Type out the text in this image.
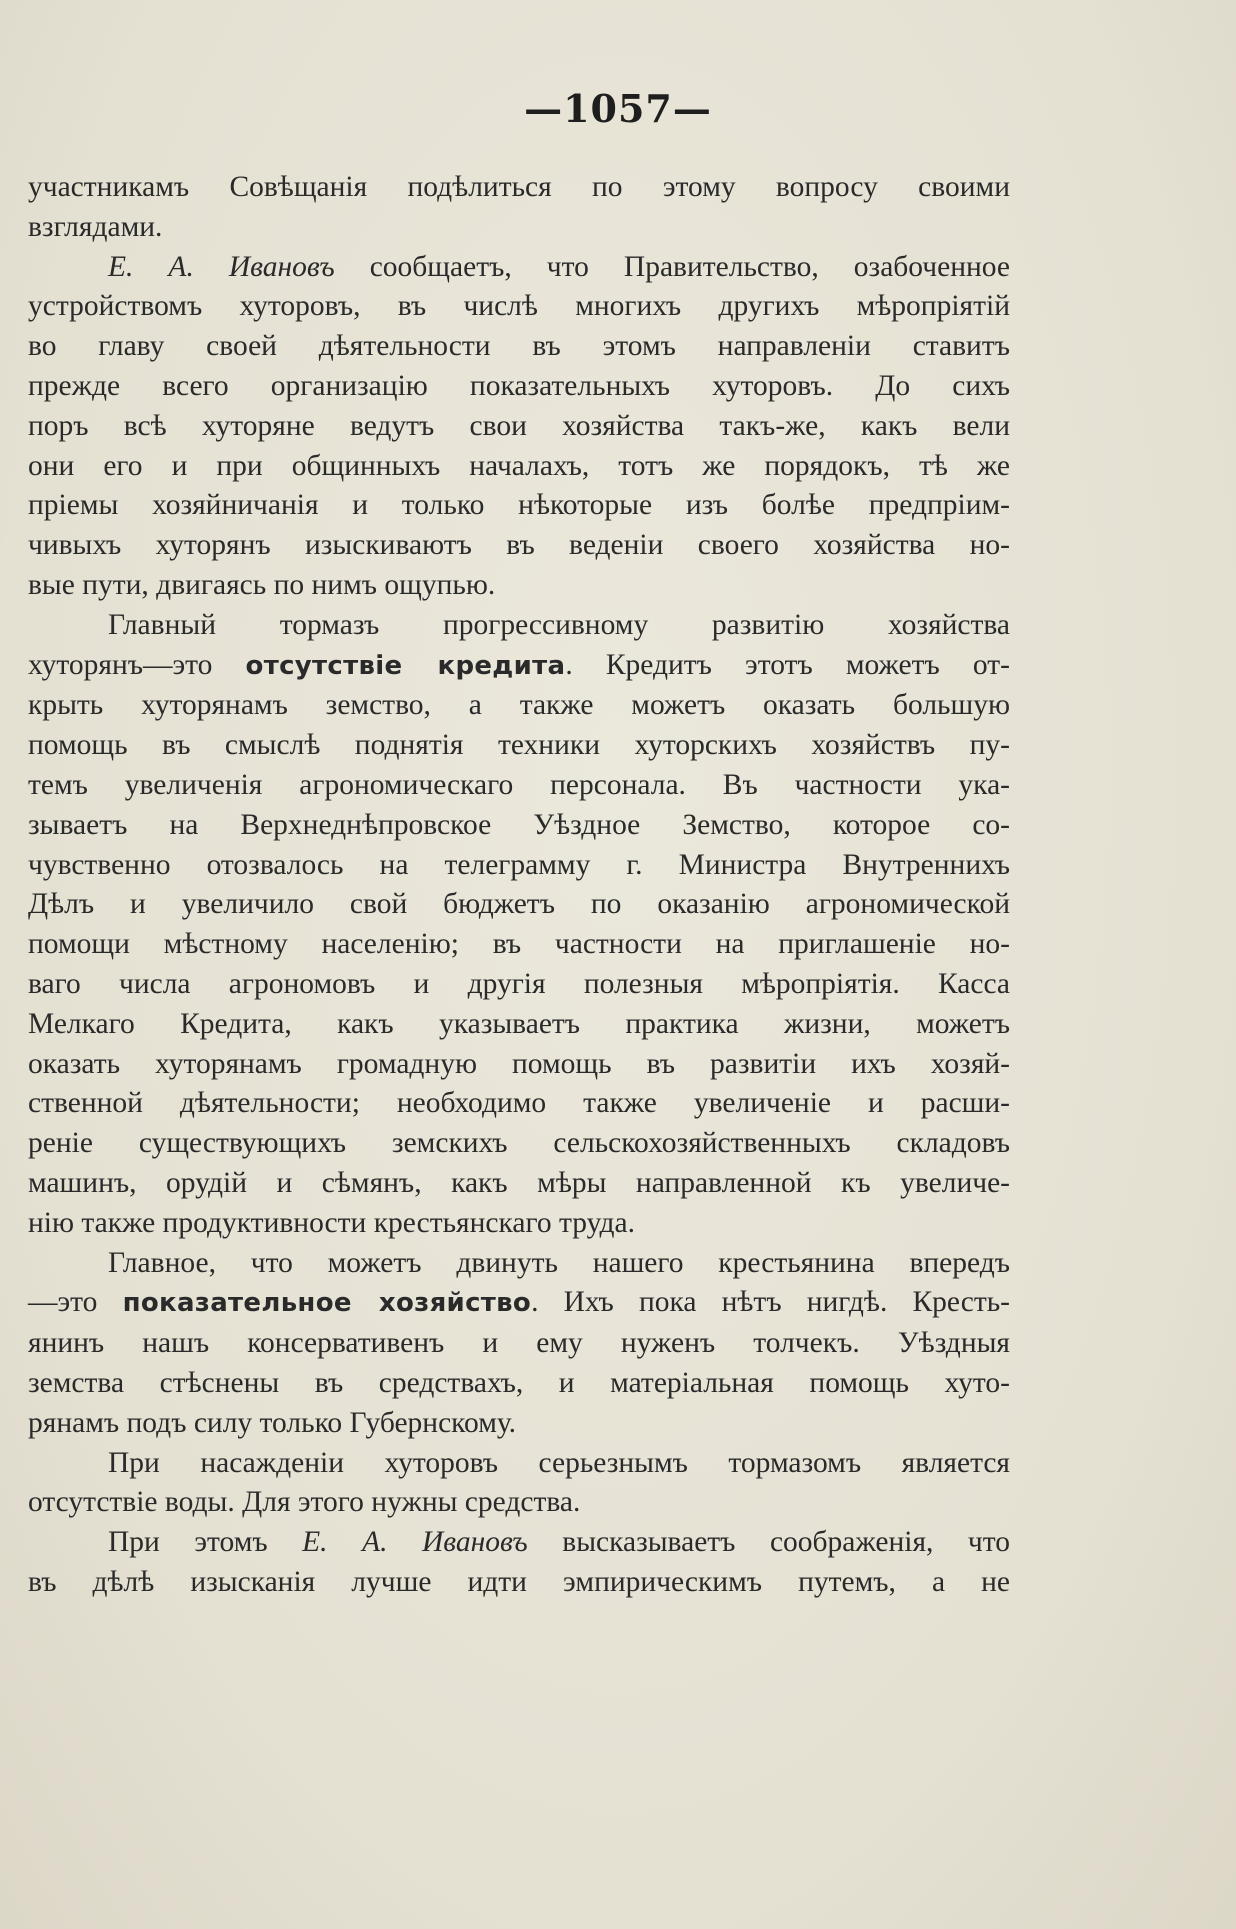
—1057—
участникамъ Совѣщанія подѣлиться по этому вопросу своими
взглядами.
Е. А. Ивановъ сообщаетъ, что Правительство, озабоченное
устройствомъ хуторовъ, въ числѣ многихъ другихъ мѣропріятій
во главу своей дѣятельности въ этомъ направленіи ставитъ
прежде всего организацію показательныхъ хуторовъ. До сихъ
поръ всѣ хуторяне ведутъ свои хозяйства такъ-же, какъ вели
они его и при общинныхъ началахъ, тотъ же порядокъ, тѣ же
пріемы хозяйничанія и только нѣкоторые изъ болѣе предпріим-
чивыхъ хуторянъ изыскиваютъ въ веденіи своего хозяйства но-
вые пути, двигаясь по нимъ ощупью.
Главный тормазъ прогрессивному развитію хозяйства
хуторянъ—это отсутствіе кредита. Кредитъ этотъ можетъ от-
крыть хуторянамъ земство, а также можетъ оказать большую
помощь въ смыслѣ поднятія техники хуторскихъ хозяйствъ пу-
темъ увеличенія агрономическаго персонала. Въ частности ука-
зываетъ на Верхнеднѣпровское Уѣздное Земство, которое со-
чувственно отозвалось на телеграмму г. Министра Внутреннихъ
Дѣлъ и увеличило свой бюджетъ по оказанію агрономической
помощи мѣстному населенію; въ частности на приглашеніе но-
ваго числа агрономовъ и другія полезныя мѣропріятія. Касса
Мелкаго Кредита, какъ указываетъ практика жизни, можетъ
оказать хуторянамъ громадную помощь въ развитіи ихъ хозяй-
ственной дѣятельности; необходимо также увеличеніе и расши-
реніе существующихъ земскихъ сельскохозяйственныхъ складовъ
машинъ, орудій и сѣмянъ, какъ мѣры направленной къ увеличе-
нію также продуктивности крестьянскаго труда.
Главное, что можетъ двинуть нашего крестьянина впередъ
—это показательное хозяйство. Ихъ пока нѣтъ нигдѣ. Кресть-
янинъ нашъ консервативенъ и ему нуженъ толчекъ. Уѣздныя
земства стѣснены въ средствахъ, и матеріальная помощь хуто-
рянамъ подъ силу только Губернскому.
При насажденіи хуторовъ серьезнымъ тормазомъ является
отсутствіе воды. Для этого нужны средства.
При этомъ Е. А. Ивановъ высказываетъ соображенія, что
въ дѣлѣ изысканія лучше идти эмпирическимъ путемъ, а не
